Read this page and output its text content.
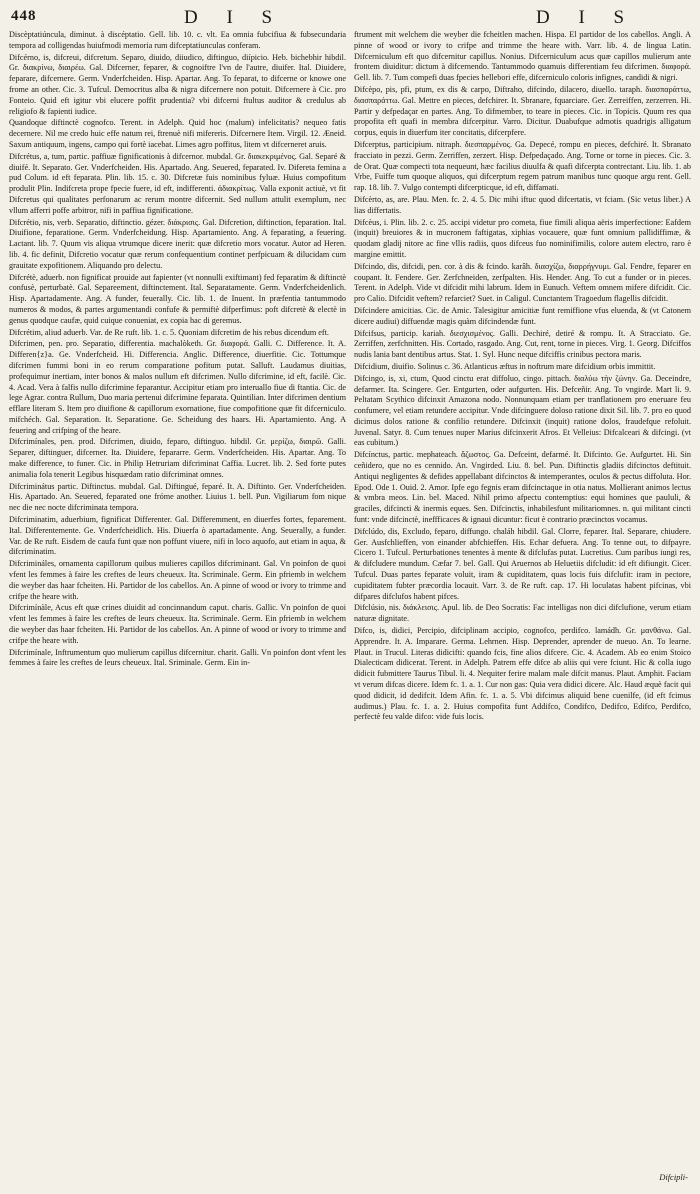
448	D I S	D I S

Discèptatiúncula, diminut. à discéptatio. Gell. lib. 10. c. vlt. Ea omnia fubcifiua & fubsecundaria tempora ad colligendas huiufmodi memoria rum difceptatiunculas conferam.

Difcérno, is, difcreui, difcretum. Separo, diuido, diiudico, diftinguo, diípicio. Heb. bichebhir hibdil. Gr. διακρίνω, διαιρέω. Gal. Difcerner, feparer, & cognoiftre l'vn de l'autre, diuifer. Ital. Diuidere, feparare, difcernere. Germ. Vnderfcheiden. Hisp. Apartar. Ang. To feparat, to difcerne or knowe one frome an other. Cic. 3. Tufcul. Democritus alba & nigra difcernere non potuit. Difcernere à Cic. pro Fonteio. Quid eft igitur vbi elucere poffit prudentia? vbi difcerni ftultus auditor & credulus ab religiofo & fapienti iudice.

Quandoque diftinctè cognofco. Terent. in Adelph. Quid hoc (malum) infelicitatis? nequeo fatis decernere. Nil me credo huic effe natum rei, ftrenuè nifi mifereris. Difcernere Item. Virgil. 12. Æneid. Saxum antiquum, ingens, campo qui fortè iacebat. Limes agro poffitus, litem vt difcerneret aruis.

Difcrétus, a, tum, partic. paffiuæ fignificationis à difcernor. mubdal. Gr. διακεκριμένος. Gal. Separé & diuifé. It. Separato. Ger. Vnderfcheiden. His. Apartado. Ang. Seuered, feparated. Iv. Difereta femina a pud Colum. id eft feparata. Plin. lib. 15. c. 30. Difcretæ fuis nominibus fyluæ. Huius compofitum produlit Plin. Indifcreta prope fpecie fuere, id eft, indifferenti. ἀδιακρίτως. Valla exponit actiuè, vt fit Difcretus qui qualitates perfonarum ac rerum montre difcernit. Sed nullum attulit exemplum, nec vllum afferri poffe arbitror, nifi in paffiua fignificatione.

Difcrétio, nis, verb. Separatio, diftinctio. gézer. διάκρισις. Gal. Difcretion, diftinction, feparation. Ital. Diuifione, feparatione. Germ. Vnderfcheidung. Hisp. Apartamiento. Ang. A feparating, a feuering. Lactant. lib. 7. Quum vis aliqua vtrumque dicere inerit: quæ difcretio mors vocatur. Autor ad Heren. lib. 4. fic definit, Difcretio vocatur quæ rerum confequentium continet perfpicuam & dilucidam cum grauitate expofitionem. Aliquando pro delectu.

Difcrétè, aduerb. non fignificat prouide aut fapienter (vt nonnulli exiftimant) fed feparatim & diftinctè confusè, perturbatè. Gal. Separeement, diftinctement. Ital. Separatamente. Germ. Vnderfcheidenlich. Hisp. Apartadamente. Ang. A funder, feuerally. Cic. lib. 1. de Inuent. In præfentia tantummodo numeros & modos, & partes argumentandi confufe & permiftè difperfimus: poft difcretè & electè in genus quodque caufæ, quid cuique conueniat, ex copia hac di geremus.

Difcrétim, aliud aduerb. Var. de Re ruft. lib. 1. c. 5. Quoniam difcretim de his rebus dicendum eft.

Difcrimen, pen. pro. Separatio, differentia. machalòketh. Gr. διαφορά. Galli. C. Difference. It. A. Differen{z}a. Ge. Vnderfcheid. Hi. Differencia. Anglic. Difference, diuerfitie. Cic. Tottumque difcrimen fummi boni in eo rerum comparatione pofitum putat. Salluft. Laudamus diuitias, profequimur inertiam, inter bonos & malos nullum eft difcrimen. Nullo difcrimine, id eft, facilè. Cic. 4. Acad. Vera à falfis nullo difcrimine feparantur. Accipitur etiam pro interuallo fiue di ftantia. Cic. de lege Agrar. contra Rullum, Duo maria pertenui difcrimine feparata. Quintilian. Inter difcrimen dentium efflare literam S. Item pro diuifione & capillorum exornatione, fiue compofitione quæ fit difcerniculo. mifchéch. Gal. Separation. It. Separatione. Ge. Scheidung des haars. Hi. Apartamiento. Ang. A feuering and crifping of the heare.

Difcrimínales, pen. prod. Difcrimen, diuido, feparo, diftinguo. hibdil. Gr. μερίζω, διαιρῶ. Galli. Separer, diftinguer, difcerner. Ita. Diuidere, fepararre. Germ. Vnderfcheiden. His. Apartar. Ang. To make difference, to funer. Cic. in Philip Hetruriam difcriminat Caffia. Lucret. lib. 2. Sed forte putes animalia fola tenerit Legibus hisquædam ratio difcriminat omnes.

Difcriminátus partic. Diftinctus. mubdal. Gal. Diftingué, feparé. It. A. Diftinto. Ger. Vnderfcheiden. His. Apartado. An. Seuered, feparated one fróme another. Liuius 1. bell. Pun. Vigiliarum fom nique nec die nec nocte difcriminata tempora.

Difcriminatim, aduerbium, fignificat Differenter. Gal. Differemment, en diuerfes fortes, feparement. Ital. Differentemente. Ge. Vnderfcheidlich. His. Diuerfa ò apartadamente. Ang. Seuerally, a funder. Var. de Re ruft. Eisdem de caufa funt quæ non poffunt viuere, nifi in loco aquofo, aut etiam in aqua, & difcriminatim.

Difcrimináles, ornamenta capillorum quibus mulieres capillos difcriminant. Gal. Vn poinfon de quoi vfent les femmes à faire les creftes de leurs cheueux. Ita. Scriminale. Germ. Ein pfriemb in welchem die weyber das haar fcheiten. Hi. Partidor de los cabellos. An. A pinne of wood or ivory to trimme and crifpe the heare with.

Difcrimínàle, Acus eft quæ crines diuidit ad concinnandum caput. charis. Gallic. Vn poinfon de quoi vfent les femmes à faire les creftes de leurs cheueux. Ita. Scriminale. Germ. Ein pfriemb in welchem die weyber das haar fcheiten. Hi. Partidor de los cabellos. An. A pinne of wood or ivory to trimme and crifpe the heare with.

Difcrimínale, Inftrumentum quo mulierum capillus difcernitur. charit. Galli. Vn poinfon dont vfent les femmes à faire les creftes de leurs cheueux. Ital. Sriminale. Germ. Ein in-

ftrument mit welchem die weyber die fcheitlen machen. Hispa. El partidor de los cabellos. Angli. A pinne of wood or ivory to crifpe and trimme the heare with. Varr. lib. 4. de lingua Latin. Difcerniculum eft quo difcernitur capillus. Nonius. Difcerniculum acus quæ capillos mulierum ante frontem diuiditur: dictum à difcernendo. Tantummodo quamuis differentiam feu difcrimen. διαφορά. Gell. lib. 7. Tum compefi duas fpecies hellebori effe, difcerniculo coloris infignes, candidi & nigri.

Difcèpo, pis, pfi, ptum, ex dis & carpo, Diftraho, difcindo, dilacero, diuello. taraph. διασπαράττω, διασπαράττω. Gal. Mettre en pieces, defchirer. It. Sbranare, fquarciare. Ger. Zerreiffen, zerzerren. Hi. Partir y defpedaçar en partes. Ang. To difmember, to teare in pieces. Cic. in Topicis. Quum res qua propofita eft quafi in membra difcerpitur. Varro. Dicitur. Duabufque admotis quadrigis alligatum corpus, equis in diuerfum iter concitatis, difcerpfere.

Difcerptus, participium. nitraph. διεσπαρμένος. Ga. Depecé, rompu en pieces, defchiré. It. Sbranato fracciato in pezzi. Germ. Zerriffen, zerzert. Hisp. Defpedaçado. Ang. Torne or torne in pieces. Cic. 3. de Orat. Quæ compecti tota nequeunt, hæc facilius diuulfa & quafi difcerpta contrectant. Liu. lib. 1. ab Vrbe, Fuiffe tum quoque aliquos, qui difcerptum regem patrum manibus tunc quoque argu rent. Gell. rap. 18. lib. 7. Vulgo contempti difcerpticque, id eft, diffamati.

Difcèrto, as, are. Plau. Men. fc. 2. 4. 5. Dic mihi iftuc quod difcertatis, vt fciam. (Sic vetus liber.) A lias differtatis.

Difcèus, i. Plin. lib. 2. c. 25. accipi videtur pro cometa, fiue fimili aliqua aëris imperfectione: Eafdem (inquit) breuiores & in mucronem faftigatas, xiphias vocauere, quæ funt omnium pallidiffimæ, & quodam gladij nitore ac fine vllis radiis, quos difceus fuo nominifimilis, colore autem electro, raro è margine emittit.

Difcindo, dis, difcidi, pen. cor. à dis & fcindo. karâh. διασχίζω, διαρρήγνυμι. Gal. Fendre, feparer en coupant. It. Fendere. Ger. Zerfchneiden, zerfpalten. His. Hender. Ang. To cut a funder or in pieces. Terent. in Adelph. Vide vt difcidit mihi labrum. Idem in Eunuch. Veftem omnem mifere difcidit. Cic. pro Calio. Difcidit veftem? refarciet? Suet. in Caligul. Cunctantem Tragoedum flagellis difcidit.

Difcindere amicitias. Cic. de Amic. Talesigitur amicitiæ funt remiffione vfus eluenda, & (vt Catonem dicere audiui) diffuendæ magis quàm difcindendæ funt.

Difcifsus, particip. kariah. διεσχισμένος. Galli. Dechiré, detiré & rompu. It. A Stracciato. Ge. Zerriffen, zerfchnitten. His. Cortado, rasgado. Ang. Cut, rent, torne in pieces. Virg. 1. Georg. Difciffos nudis lania bant dentibus artus. Stat. 1. Syl. Hunc neque difciffis crinibus pectora maris.

Difcidium, diuifio. Solinus c. 36. Atlanticus æftus in noftrum mare difcidium orbis immittit.

Difcingo, is, xi, ctum, Quod cinctu erat diffoluo, cingo. pittach. διαλύω τὴν ζώνην. Ga. Deceindre, defarmer. Ita. Scingere. Ger. Entgurten, oder aufgurten. His. Defceñir. Ang. To vngirde. Mart li. 9. Peltatam Scythico difcinxit Amazona nodo. Nonnunquam etiam per tranflationem pro eneruare feu confumere, vel etiam retundere accipitur. Vnde difcinguere doloso ratione dixit Sil. lib. 7. pro eo quod dicimus dolos ratione & confilio retundere. Difcinxit (inquit) ratione dolos, fraudefque refoluit. Juvenal. Satyr. 8. Cum tenues nuper Marius difcinxerit Afros. Et Velleius: Difcalceari & difcingi. (vt eas cubitum.)

Difcínctus, partic. mephateach. ἄζωστος. Ga. Defceint, defarmé. It. Difcinto. Ge. Aufgurtet. Hi. Sin ceñidero, que no es cennido. An. Vngirded. Liu. 8. bel. Pun. Diftinctis gladiis difcinctos deftituit. Antiqui negligentes & defides appellabant difcinctos & intemperantes, oculos & pectus diffoluta. Hor. Epod. Ode 1. Ouid. 2. Amor. Ipfe ego fegnis eram difcinctaque in otia natus. Mollierant animos lectus & vmbra meos. Lin. bel. Maced. Nihil primo afpectu contemptius: equi homines que paululi, & graciles, difcincti & inermis eques. Sen. Difcinctis, inhabilesfunt militariomnes. n. qui militant cincti funt: vnde difcinctè, ineffficaces & ignaui dicuntur: ficut è contrario præcinctos vocamus.

Difclúdo, dis, Excludo, feparo, diffungo. chaláh hibdil. Gal. Clorre, feparer. Ital. Separare, chiudere. Ger. Ausfchlieffen, von einander abfchieffen. His. Echar defuera. Ang. To tenne out, to difpayre. Cicero 1. Tufcul. Perturbationes tenentes à mente & difclufas putat. Lucretius. Cum paribus iungi res, & difcludere mundum. Cæfar 7. bel. Gall. Qui Aruernos ab Heluetiis difcludit: id eft difiungit. Cicer. Tufcul. Duas partes feparate voluit, iram & cupiditatem, quas locis fuis difclufit: iram in pectore, cupiditatem fubter præcordia locauit. Varr. 3. de Re ruft. cap. 17. Hi loculatas habent pifcinas, vbi difpares difclufos habent pifces.

Difclúsio, nis. διάκλεισις. Apul. lib. de Deo Socratis: Fac intelligas non dici difclufione, verum etiam naturæ dignitate.

Difco, is, didici, Percipio, difciplinam accipio, cognofco, perdifco. lamádh. Gr. μανθάνω. Gal. Apprendre. It. A. Imparare. Germa. Lehrnen. Hisp. Deprender, aprender de nueuo. An. To learne. Plaut. in Trucul. Literas didicifti: quando fcis, fine alios difcere. Cic. 4. Academ. Ab eo enim Stoico Dialecticam didicerat. Terent. in Adelph. Patrem effe difce ab aliis qui vere fciunt. Hic & colla iugo didicit fubmittere Taurus Tibul. li. 4. Nequiter ferire malam male difcit manus. Plaut. Amphit. Faciam vt verum difcas dicere. Idem fc. 1. a. 1. Cur non gas: Quia vera didici dicere. Alc. Haud æquè facit qui quod didicit, id dedifcit. Idem Afin. fc. 1. a. 5. Vbi difcimus aliquid bene cuenilfe, (id eft fcimus audimus.) Plau. fc. 1. a. 2. Huius compofita funt Addifco, Condifco, Dedifco, Edifco, Perdifco, perfectè feu valde difco: vide fuis locis.

Difcipli-
